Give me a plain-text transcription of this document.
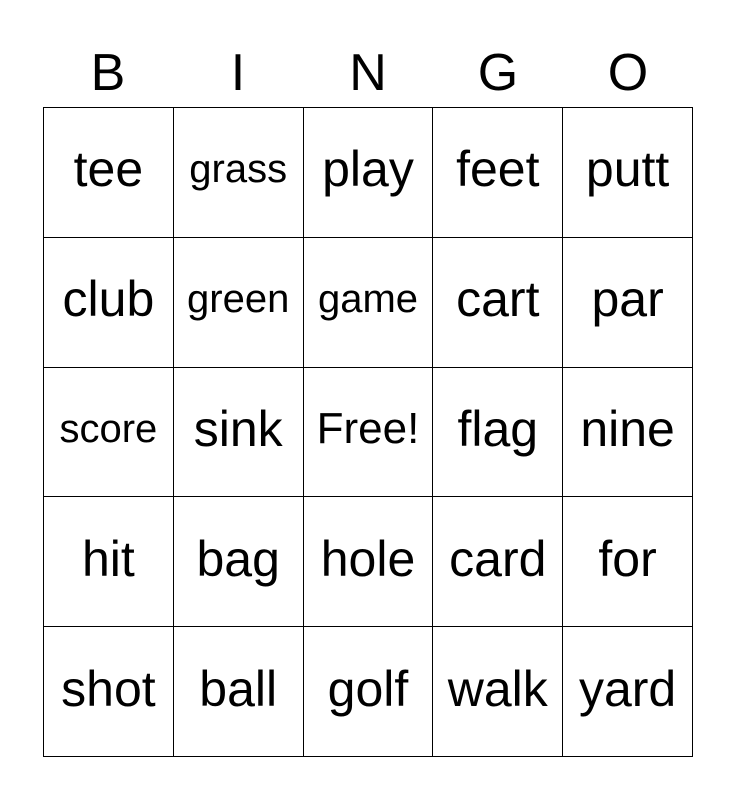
B	I	N	G	O
tee	grass play feet putt
club green game cart	par
score sink Free! flag nine
hit	bag hole card	for
shot ball	golf walk yard
